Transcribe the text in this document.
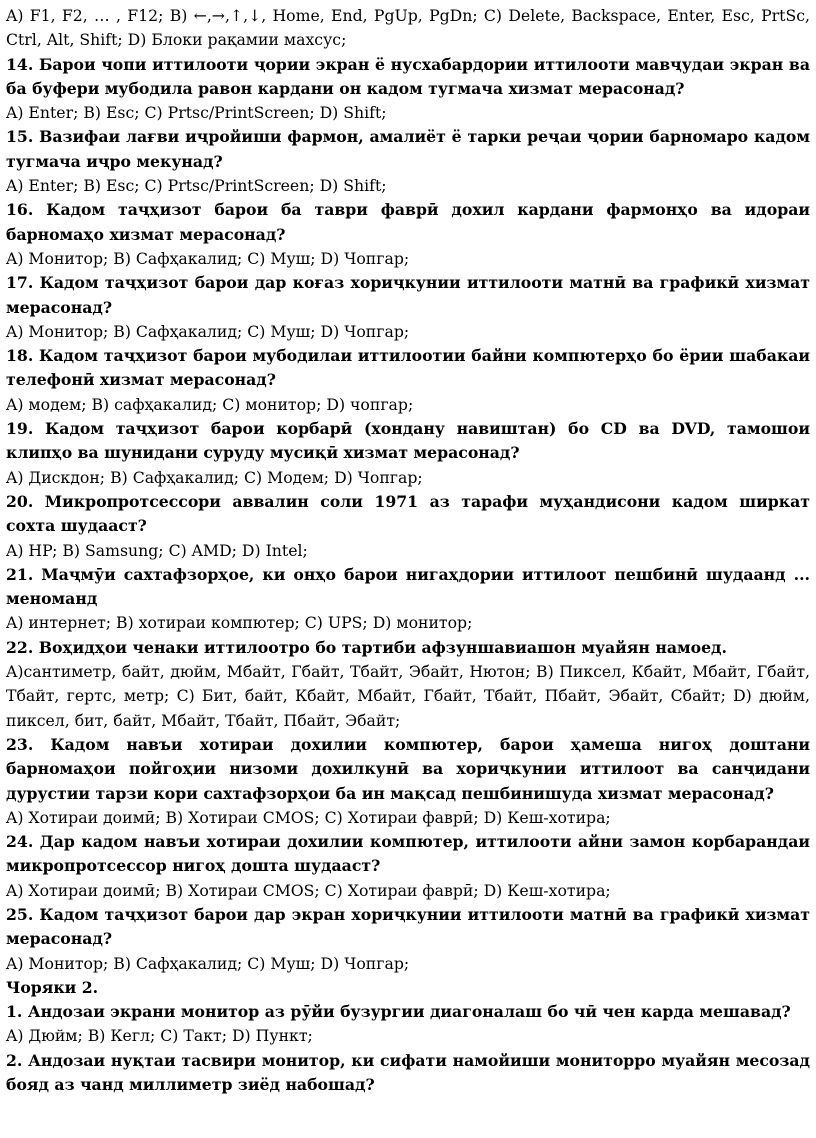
A) F1, F2, … , F12; B) ←,→,↑,↓, Home, End, PgUp, PgDn; C) Delete, Backspace, Enter, Esc, PrtSc, Ctrl, Alt, Shift; D) Блоки рақамии махсус;

14. Барои чопи иттилооти ҷории экран ё нусхабардории иттилооти мавҷудаи экран ва ба буфери мубодила равон кардани он кадом тугмача хизмат мерасонад?

A) Enter; B) Esc; C) Prtsc/PrintScreen; D) Shift;

15. Вазифаи лағви иҷройиши фармон, амалиёт ё тарки реҷаи ҷории барномаро кадом тугмача иҷро мекунад?

A) Enter; B) Esc; C) Prtsc/PrintScreen; D) Shift;

16. Кадом таҷҳизот барои ба таври фаврӣ дохил кардани фармонҳо ва идораи барномаҳо хизмат мерасонад?

A) Монитор; B) Сафҳакалид; C) Муш; D) Чопгар;

17. Кадом таҷҳизот барои дар коғаз хориҷкунии иттилооти матнӣ ва графикӣ хизмат мерасонад?

A) Монитор; B) Сафҳакалид; C) Муш; D) Чопгар;

18. Кадом таҷҳизот барои мубодилаи иттилоотии байни компютерҳо бо ёрии шабакаи телефонӣ хизмат мерасонад?

A) модем; B) сафҳакалид; C) монитор; D) чопгар;

19. Кадом таҷҳизот барои корбарӣ (хондану навиштан) бо CD ва DVD, тамошои клипҳо ва шунидани суруду мусиқӣ хизмат мерасонад?

A) Дискдон; B) Сафҳакалид; C) Модем; D) Чопгар;

20. Микропротсессори аввалин соли 1971 аз тарафи муҳандисони кадом ширкат сохта шудааст?

A) HP; B) Samsung; C) AMD; D) Intel;

21. Маҷмӯи сахтафзорҳое, ки онҳо барои нигаҳдории иттилоот пешбинӣ шудаанд ... меноманд

A) интернет; B) хотираи компютер; C) UPS; D) монитор;

22. Воҳидҳои ченаки иттилоотро бо тартиби афзуншавиашон муайян намоед.

A)сантиметр, байт, дюйм, Мбайт, Гбайт, Тбайт, Эбайт, Нютон; B) Пиксел, Кбайт, Мбайт, Гбайт, Тбайт, гертс, метр; C) Бит, байт, Кбайт, Мбайт, Гбайт, Тбайт, Пбайт, Эбайт, Сбайт; D) дюйм, пиксел, бит, байт, Мбайт, Тбайт, Пбайт, Эбайт;

23. Кадом навъи хотираи дохилии компютер, барои ҳамеша нигоҳ доштани барномаҳои пойгоҳии низоми дохилкунӣ ва хориҷкунии иттилоот ва санҷидани дурустии тарзи кори сахтафзорҳои ба ин мақсад пешбинишуда хизмат мерасонад?

A) Хотираи доимӣ; B) Хотираи CMOS; C) Хотираи фаврӣ; D) Кеш-хотира;

24. Дар кадом навъи хотираи дохилии компютер, иттилооти айни замон корбарандаи микропротсессор нигоҳ дошта шудааст?

A) Хотираи доимӣ; B) Хотираи CMOS; C) Хотираи фаврӣ; D) Кеш-хотира;

25. Кадом таҷҳизот барои дар экран хориҷкунии иттилооти матнӣ ва графикӣ хизмат мерасонад?

A) Монитор; B) Сафҳакалид; C) Муш; D) Чопгар;

Чоряки 2.

1. Андозаи экрани монитор аз рӯйи бузургии диагоналаш бо чӣ чен карда мешавад?

A) Дюйм; B) Кегл; C) Такт; D) Пункт;

2. Андозаи нуқтаи тасвири монитор, ки сифати намойиши мониторро муайян месозад бояд аз чанд миллиметр зиёд набошад?
